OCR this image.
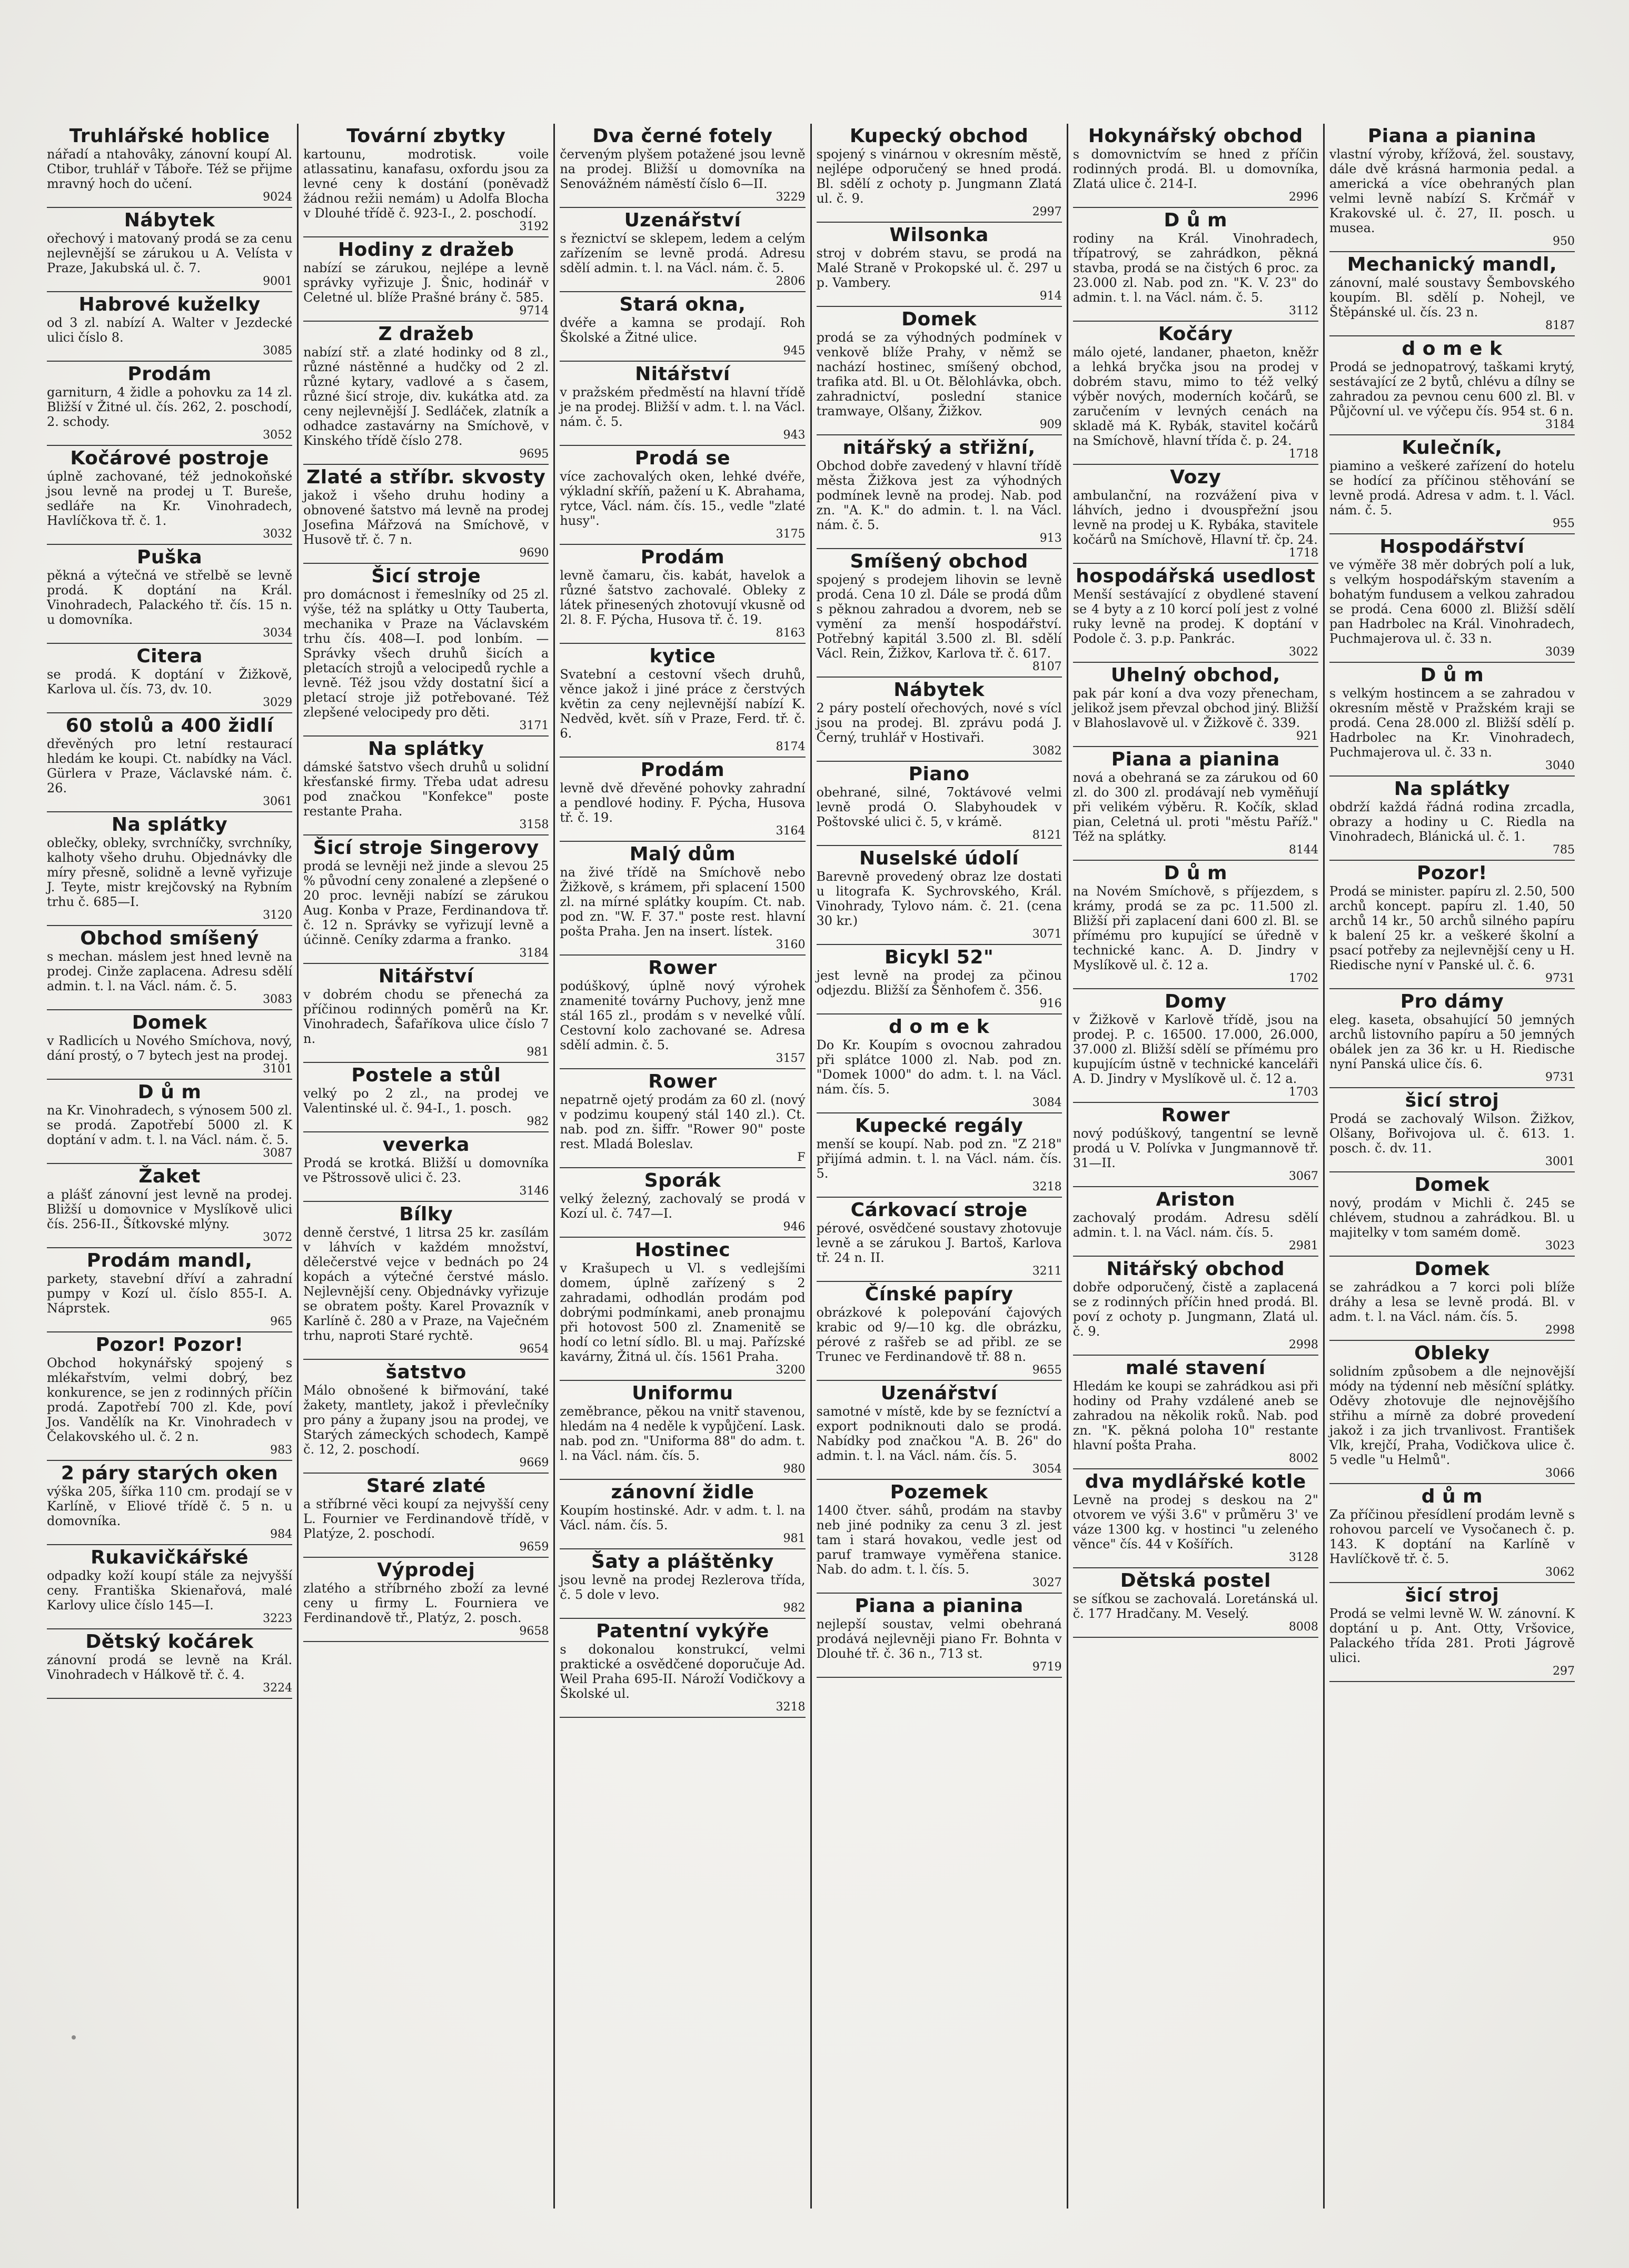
Truhlářské hoblice
nářadí a ntahovâky, zánovní koupí Al. Ctibor, truhlář v Táboře. Též se přijme mravný hoch do učení.
9024
Nábytek
ořechový i matovaný prodá se za cenu nejlevnější se zárukou u A. Velísta v Praze, Jakubská ul. č. 7.
9001
Habrové kuželky
od 3 zl. nabízí A. Walter v Jezdecké ulici číslo 8.
3085
Prodám
garniturn, 4 židle a pohovku za 14 zl. Bližší v Žitné ul. čís. 262, 2. poschodí, 2. schody.
3052
Kočárové postroje
úplně zachované, též jednokoňské jsou levně na prodej u T. Bureše, sedláře na Kr. Vinohradech, Havlíčkova tř. č. 1.
3032
Puška
pěkná a výtečná ve střelbě se levně prodá. K doptání na Král. Vinohradech, Palackého tř. čís. 15 n. u domovníka.
3034
Citera
se prodá. K doptání v Žižkově, Karlova ul. čís. 73, dv. 10.
3029
60 stolů a 400 židlí
dřevěných pro letní restaurací hledám ke koupi. Ct. nabídky na Václ. Gürlera v Praze, Václavské nám. č. 26.
3061
Na splátky
oblečky, obleky, svrchníčky, svrchníky, kalhoty všeho druhu. Objednávky dle míry přesně, solidně a levně vyřizuje J. Teyte, mistr krejčovský na Rybním trhu č. 685—I.
3120
Obchod smíšený
s mechan. máslem jest hned levně na prodej. Cinže zaplacena. Adresu sdělí admin. t. l. na Václ. nám. č. 5.
3083
Domek
v Radlicích u Nového Smíchova, nový, dání prostý, o 7 bytech jest na prodej.
3101
D ů m
na Kr. Vinohradech, s výnosem 500 zl. se prodá. Zapotřebí 5000 zl. K doptání v adm. t. l. na Václ. nám. č. 5.
3087
Žaket
a plášť zánovní jest levně na prodej. Bližší u domovnice v Myslíkově ulici čís. 256-II., Šítkovské mlýny.
3072
Prodám mandl,
parkety, stavební dříví a zahradní pumpy v Kozí ul. číslo 855-I. A. Náprstek.
965
Pozor! Pozor!
Obchod hokynářský spojený s mlékařstvím, velmi dobrý, bez konkurence, se jen z rodinných příčin prodá. Zapotřebí 700 zl. Kde, poví Jos. Vandělík na Kr. Vinohradech v Čelakovského ul. č. 2 n.
983
2 páry starých oken
výška 205, šířka 110 cm. prodají se v Karlíně, v Eliové třídě č. 5 n. u domovníka.
984
Rukavičkářské
odpadky koží koupí stále za nejvyšší ceny. Františka Skienařová, malé Karlovy ulice číslo 145—I.
3223
Dětský kočárek
zánovní prodá se levně na Král. Vinohradech v Hálkově tř. č. 4.
3224
Tovární zbytky
kartounu, modrotisk. voile atlassatinu, kanafasu, oxfordu jsou za levné ceny k dostání (poněvadž žádnou režii nemám) u Adolfa Blocha v Dlouhé třídě č. 923-I., 2. poschodí.
3192
Hodiny z dražeb
nabízí se zárukou, nejlépe a levně správky vyřizuje J. Šnic, hodinář v Celetné ul. blíže Prašné brány č. 585.
9714
Z dražeb
nabízí stř. a zlaté hodinky od 8 zl., různé nástěnné a hudčky od 2 zl. různé kytary, vadlové a s časem, různé šicí stroje, div. kukátka atd. za ceny nejlevnější J. Sedláček, zlatník a odhadce zastavárny na Smíchově, v Kinského třídě číslo 278.
9695
Zlaté a stříbr. skvosty
jakož i všeho druhu hodiny a obnovené šatstvo má levně na prodej Josefina Mářzová na Smíchově, v Husově tř. č. 7 n.
9690
Šicí stroje
pro domácnost i řemeslníky od 25 zl. výše, též na splátky u Otty Tauberta, mechanika v Praze na Václavském trhu čís. 408—I. pod lonbím. — Správky všech druhů šicích a pletacích strojů a velocipedů rychle a levně. Též jsou vždy dostatní šicí a pletací stroje již potřebované. Též zlepšené velocipedy pro děti.
3171
Na splátky
dámské šatstvo všech druhů u solidní křesťanské firmy. Třeba udat adresu pod značkou "Konfekce" poste restante Praha.
3158
Šicí stroje Singerovy
prodá se levněji než jinde a slevou 25 % původní ceny zonalené a zlepšené o 20 proc. levněji nabízí se zárukou Aug. Konba v Praze, Ferdinandova tř. č. 12 n. Správky se vyřizují levně a účinně. Ceníky zdarma a franko.
3184
Nitářství
v dobrém chodu se přenechá za příčinou rodinných poměrů na Kr. Vinohradech, Šafaříkova ulice číslo 7 n.
981
Postele a stůl
velký po 2 zl., na prodej ve Valentinské ul. č. 94-I., 1. posch.
982
veverka
Prodá se krotká. Bližší u domovníka ve Pštrossově ulici č. 23.
3146
Bílky
denně čerstvé, 1 litrsa 25 kr. zasílám v láhvích v každém množství, dělečerstvé vejce v bednách po 24 kopách a výtečné čerstvé máslo. Nejlevnější ceny. Objednávky vyřizuje se obratem pošty. Karel Provazník v Karlíně č. 280 a v Praze, na Vaječném trhu, naproti Staré rychtě.
9654
šatstvo
Málo obnošené k biřmování, také žakety, mantlety, jakož i převlečníky pro pány a župany jsou na prodej, ve Starých zámeckých schodech, Kampě č. 12, 2. poschodí.
9669
Staré zlaté
a stříbrné věci koupí za nejvyšší ceny L. Fournier ve Ferdinandově třídě, v Platýze, 2. poschodí.
9659
Výprodej
zlatého a stříbrného zboží za levné ceny u firmy L. Fourniera ve Ferdinandově tř., Platýz, 2. posch.
9658
Dva černé fotely
červeným plyšem potažené jsou levně na prodej. Bližší u domovníka na Senovážném náměstí číslo 6—II.
3229
Uzenářství
s řeznictví se sklepem, ledem a celým zařízením se levně prodá. Adresu sdělí admin. t. l. na Václ. nám. č. 5.
2806
Stará okna,
dvéře a kamna se prodají. Roh Školské a Žitné ulice.
945
Nitářství
v pražském předměstí na hlavní třídě je na prodej. Bližší v adm. t. l. na Václ. nám. č. 5.
943
Prodá se
více zachovalých oken, lehké dvéře, výkladní skříň, pažení u K. Abrahama, rytce, Václ. nám. čís. 15., vedle "zlaté husy".
3175
Prodám
levně čamaru, čis. kabát, havelok a různé šatstvo zachovalé. Obleky z látek přinesených zhotovují vkusně od 2l. 8. F. Pýcha, Husova tř. č. 19.
8163
kytice
Svatební a cestovní všech druhů, věnce jakož i jiné práce z čerstvých květin za ceny nejlevnější nabízí K. Nedvěd, květ. síň v Praze, Ferd. tř. č. 6.
8174
Prodám
levně dvě dřevěné pohovky zahradní a pendlové hodiny. F. Pýcha, Husova tř. č. 19.
3164
Malý dům
na živé třídě na Smíchově nebo Žižkově, s krámem, při splacení 1500 zl. na mírné splátky koupím. Ct. nab. pod zn. "W. F. 37." poste rest. hlavní pošta Praha. Jen na insert. lístek.
3160
Rower
podúškový, úplně nový výrohek znamenité továrny Puchovy, jenž mne stál 165 zl., prodám s v nevelké vůlí. Cestovní kolo zachované se. Adresa sdělí admin. č. 5.
3157
Rower
nepatrně ojetý prodám za 60 zl. (nový v podzimu koupený stál 140 zl.). Ct. nab. pod zn. šiffr. "Rower 90" poste rest. Mladá Boleslav.
F
Sporák
velký železný, zachovalý se prodá v Kozí ul. č. 747—I.
946
Hostinec
v Krašupech u Vl. s vedlejšími domem, úplně zařízený s 2 zahradami, odhodlán prodám pod dobrými podmínkami, aneb pronajmu při hotovost 500 zl. Znamenitě se hodí co letní sídlo. Bl. u maj. Pařízské kavárny, Žitná ul. čís. 1561 Praha.
3200
Uniformu
zeměbrance, pěkou na vnitř stavenou, hledám na 4 neděle k vypůjčení. Lask. nab. pod zn. "Uniforma 88" do adm. t. l. na Václ. nám. čís. 5.
980
zánovní židle
Koupím hostinské. Adr. v adm. t. l. na Václ. nám. čís. 5.
981
Šaty a pláštěnky
jsou levně na prodej Rezlerova třída, č. 5 dole v levo.
982
Patentní vykýře
s dokonalou konstrukcí, velmi praktické a osvědčené doporučuje Ad. Weil Praha 695-II. Nároží Vodičkovy a Školské ul.
3218
Kupecký obchod
spojený s vinárnou v okresním městě, nejlépe odporučený se hned prodá. Bl. sdělí z ochoty p. Jungmann Zlatá ul. č. 9.
2997
Wilsonka
stroj v dobrém stavu, se prodá na Malé Straně v Prokopské ul. č. 297 u p. Vambery.
914
Domek
prodá se za výhodných podmínek v venkově blíže Prahy, v němž se nachází hostinec, smíšený obchod, trafika atd. Bl. u Ot. Bělohlávka, obch. zahradnictví, poslední stanice tramwaye, Olšany, Žižkov.
909
nitářský a střižní,
Obchod dobře zavedený v hlavní třídě města Žižkova jest za výhodných podmínek levně na prodej. Nab. pod zn. "A. K." do admin. t. l. na Václ. nám. č. 5.
913
Smíšený obchod
spojený s prodejem lihovin se levně prodá. Cena 10 zl. Dále se prodá dům s pěknou zahradou a dvorem, neb se vymění za menší hospodářství. Potřebný kapitál 3.500 zl. Bl. sdělí Václ. Rein, Žižkov, Karlova tř. č. 617.
8107
Nábytek
2 páry postelí ořechových, nové s vícl jsou na prodej. Bl. zprávu podá J. Černý, truhlář v Hostivaři.
3082
Piano
obehrané, silné, 7oktávové velmi levně prodá O. Slabyhoudek v Poštovské ulici č. 5, v krámě.
8121
Nuselské údolí
Barevně provedený obraz lze dostati u litografa K. Sychrovského, Král. Vinohrady, Tylovo nám. č. 21. (cena 30 kr.)
3071
Bicykl 52"
jest levně na prodej za pčinou odjezdu. Bližší za Šěnhofem č. 356.
916
d o m e k
Do Kr. Koupím s ovocnou zahradou při splátce 1000 zl. Nab. pod zn. "Domek 1000" do adm. t. l. na Václ. nám. čís. 5.
3084
Kupecké regály
menší se koupí. Nab. pod zn. "Z 218" přijímá admin. t. l. na Václ. nám. čís. 5.
3218
Cárkovací stroje
pérové, osvědčené soustavy zhotovuje levně a se zárukou J. Bartoš, Karlova tř. 24 n. II.
3211
Čínské papíry
obrázkové k polepování čajových krabic od 9/—10 kg. dle obrázku, pérové z rašřeb se ad přibl. ze se Trunec ve Ferdinandově tř. 88 n.
9655
Uzenářství
samotné v místě, kde by se fezníctví a export podniknouti dalo se prodá. Nabídky pod značkou "A. B. 26" do admin. t. l. na Václ. nám. čís. 5.
3054
Pozemek
1400 čtver. sáhů, prodám na stavby neb jiné podniky za cenu 3 zl. jest tam i stará hovakou, vedle jest od paruf tramwaye vyměřena stanice. Nab. do adm. t. l. čís. 5.
3027
Piana a pianina
nejlepší soustav, velmi obehraná prodává nejlevněji piano Fr. Bohnta v Dlouhé tř. č. 36 n., 713 st.
9719
Hokynářský obchod
s domovnictvím se hned z příčin rodinných prodá. Bl. u domovníka, Zlatá ulice č. 214-I.
2996
D ů m
rodiny na Král. Vinohradech, třípatrový, se zahrádkon, pěkná stavba, prodá se na čistých 6 proc. za 23.000 zl. Nab. pod zn. "K. V. 23" do admin. t. l. na Václ. nám. č. 5.
3112
Kočáry
málo ojeté, landaner, phaeton, kněžr a lehká bryčka jsou na prodej v dobrém stavu, mimo to též velký výběr nových, moderních kočárů, se zaručením v levných cenách na skladě má K. Rybák, stavitel kočárů na Smíchově, hlavní třída č. p. 24.
1718
Vozy
ambulanční, na rozvážení piva v láhvích, jedno i dvouspřežní jsou levně na prodej u K. Rybáka, stavitele kočárů na Smíchově, Hlavní tř. čp. 24.
1718
hospodářská usedlost
Menší sestávající z obydlené stavení se 4 byty a z 10 korcí polí jest z volné ruky levně na prodej. K doptání v Podole č. 3. p.p. Pankrác.
3022
Uhelný obchod,
pak pár koní a dva vozy přenecham, jelikož jsem převzal obchod jiný. Bližší v Blahoslavově ul. v Žižkově č. 339.
921
Piana a pianina
nová a obehraná se za zárukou od 60 zl. do 300 zl. prodávají neb vyměňují při velikém výběru. R. Kočík, sklad pian, Celetná ul. proti "městu Paříž." Též na splátky.
8144
D ů m
na Novém Smíchově, s příjezdem, s krámy, prodá se za pc. 11.500 zl. Bližší při zaplacení dani 600 zl. Bl. se přímému pro kupující se úředně v technické kanc. A. D. Jindry v Myslíkově ul. č. 12 a.
1702
Domy
v Žižkově v Karlově třídě, jsou na prodej. P. c. 16500. 17.000, 26.000, 37.000 zl. Bližší sdělí se přímému pro kupujícím ústně v technické kanceláři A. D. Jindry v Myslíkově ul. č. 12 a.
1703
Rower
nový podúškový, tangentní se levně prodá u V. Polívka v Jungmannově tř. 31—II.
3067
Ariston
zachovalý prodám. Adresu sdělí admin. t. l. na Václ. nám. čís. 5.
2981
Nitářský obchod
dobře odporučený, čistě a zaplacená se z rodinných příčin hned prodá. Bl. poví z ochoty p. Jungmann, Zlatá ul. č. 9.
2998
malé stavení
Hledám ke koupi se zahrádkou asi při hodiny od Prahy vzdálené aneb se zahradou na několik roků. Nab. pod zn. "K. pěkná poloha 10" restante hlavní pošta Praha.
8002
dva mydlářské kotle
Levně na prodej s deskou na 2" otvorem ve výši 3.6" v průměru 3' ve váze 1300 kg. v hostinci "u zeleného věnce" čís. 44 v Košířích.
3128
Dětská postel
se síťkou se zachovalá. Loretánská ul. č. 177 Hradčany. M. Veselý.
8008
Piana a pianina
vlastní výroby, křížová, žel. soustavy, dále dvě krásná harmonia pedal. a americká a více obehraných plan velmi levně nabízí S. Krčmář v Krakovské ul. č. 27, II. posch. u musea.
950
Mechanický mandl,
zánovní, malé soustavy Šembovského koupím. Bl. sdělí p. Nohejl, ve Štěpánské ul. čís. 23 n.
8187
d o m e k
Prodá se jednopatrový, taškami krytý, sestávající ze 2 bytů, chlévu a dílny se zahradou za pevnou cenu 600 zl. Bl. v Půjčovní ul. ve výčepu čís. 954 st. 6 n.
3184
Kulečník,
piamino a veškeré zařízení do hotelu se hodící za příčinou stěhování se levně prodá. Adresa v adm. t. l. Václ. nám. č. 5.
955
Hospodářství
ve výměře 38 měr dobrých polí a luk, s velkým hospodářským stavením a bohatým fundusem a velkou zahradou se prodá. Cena 6000 zl. Bližší sdělí pan Hadrbolec na Král. Vinohradech, Puchmajerova ul. č. 33 n.
3039
D ů m
s velkým hostincem a se zahradou v okresním městě v Pražském kraji se prodá. Cena 28.000 zl. Bližší sdělí p. Hadrbolec na Kr. Vinohradech, Puchmajerova ul. č. 33 n.
3040
Na splátky
obdrží každá řádná rodina zrcadla, obrazy a hodiny u C. Riedla na Vinohradech, Blánická ul. č. 1.
785
Pozor!
Prodá se minister. papíru zl. 2.50, 500 archů koncept. papíru zl. 1.40, 50 archů 14 kr., 50 archů silného papíru k balení 25 kr. a veškeré školní a psací potřeby za nejlevnější ceny u H. Riedische nyní v Panské ul. č. 6.
9731
Pro dámy
eleg. kaseta, obsahující 50 jemných archů listovního papíru a 50 jemných obálek jen za 36 kr. u H. Riedische nyní Panská ulice čís. 6.
9731
šicí stroj
Prodá se zachovalý Wilson. Žižkov, Olšany, Bořivojova ul. č. 613. 1. posch. č. dv. 11.
3001
Domek
nový, prodám v Michli č. 245 se chlévem, studnou a zahrádkou. Bl. u majitelky v tom samém domě.
3023
Domek
se zahrádkou a 7 korci poli blíže dráhy a lesa se levně prodá. Bl. v adm. t. l. na Václ. nám. čís. 5.
2998
Obleky
solidním způsobem a dle nejnovější módy na týdenní neb měsíční splátky. Oděvy zhotovuje dle nejnovějšího střihu a mírně za dobré provedení jakož i za jich trvanlivost. František Vlk, krejčí, Praha, Vodičkova ulice č. 5 vedle "u Helmů".
3066
d ů m
Za příčinou přesídlení prodám levně s rohovou parcelí ve Vysočanech č. p. 143. K doptání na Karlíně v Havlíčkově tř. č. 5.
3062
šicí stroj
Prodá se velmi levně W. W. zánovní. K doptání u p. Ant. Otty, Vršovice, Palackého třída 281. Proti Jágrově ulici.
297
